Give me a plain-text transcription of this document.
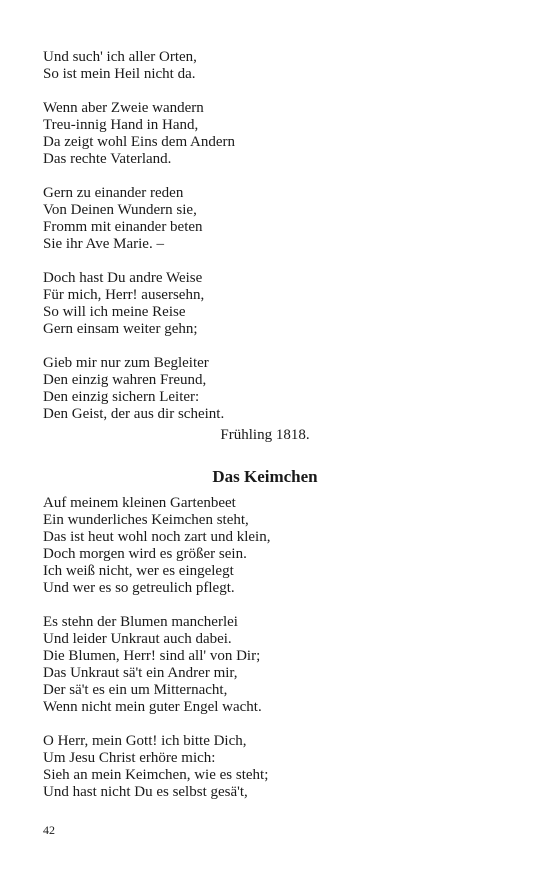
Und such' ich aller Orten,
So ist mein Heil nicht da.
Wenn aber Zweie wandern
Treu-innig Hand in Hand,
Da zeigt wohl Eins dem Andern
Das rechte Vaterland.
Gern zu einander reden
Von Deinen Wundern sie,
Fromm mit einander beten
Sie ihr Ave Marie. –
Doch hast Du andre Weise
Für mich, Herr! ausersehn,
So will ich meine Reise
Gern einsam weiter gehn;
Gieb mir nur zum Begleiter
Den einzig wahren Freund,
Den einzig sichern Leiter:
Den Geist, der aus dir scheint.
Frühling 1818.
Das Keimchen
Auf meinem kleinen Gartenbeet
Ein wunderliches Keimchen steht,
Das ist heut wohl noch zart und klein,
Doch morgen wird es größer sein.
Ich weiß nicht, wer es eingelegt
Und wer es so getreulich pflegt.
Es stehn der Blumen mancherlei
Und leider Unkraut auch dabei.
Die Blumen, Herr! sind all' von Dir;
Das Unkraut sä't ein Andrer mir,
Der sä't es ein um Mitternacht,
Wenn nicht mein guter Engel wacht.
O Herr, mein Gott! ich bitte Dich,
Um Jesu Christ erhöre mich:
Sieh an mein Keimchen, wie es steht;
Und hast nicht Du es selbst gesä't,
42
